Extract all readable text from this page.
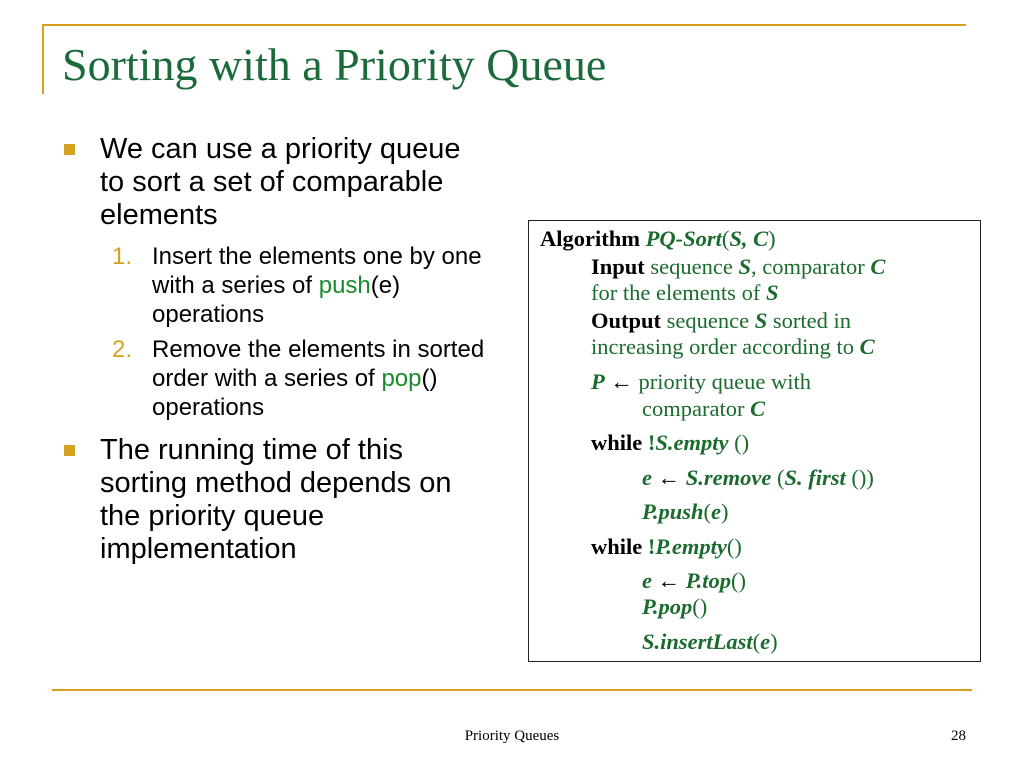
Sorting with a Priority Queue
We can use a priority queue to sort a set of comparable elements
1. Insert the elements one by one with a series of push(e) operations
2. Remove the elements in sorted order with a series of pop() operations
The running time of this sorting method depends on the priority queue implementation
Algorithm PQ-Sort(S, C)
Input sequence S, comparator C
for the elements of S
Output sequence S sorted in
increasing order according to C
P ← priority queue with
comparator C
while !S.empty ()
e ← S.remove (S. first ())
P.push(e)
while !P.empty()
e ← P.top()
P.pop()
S.insertLast(e)
Priority Queues	28
